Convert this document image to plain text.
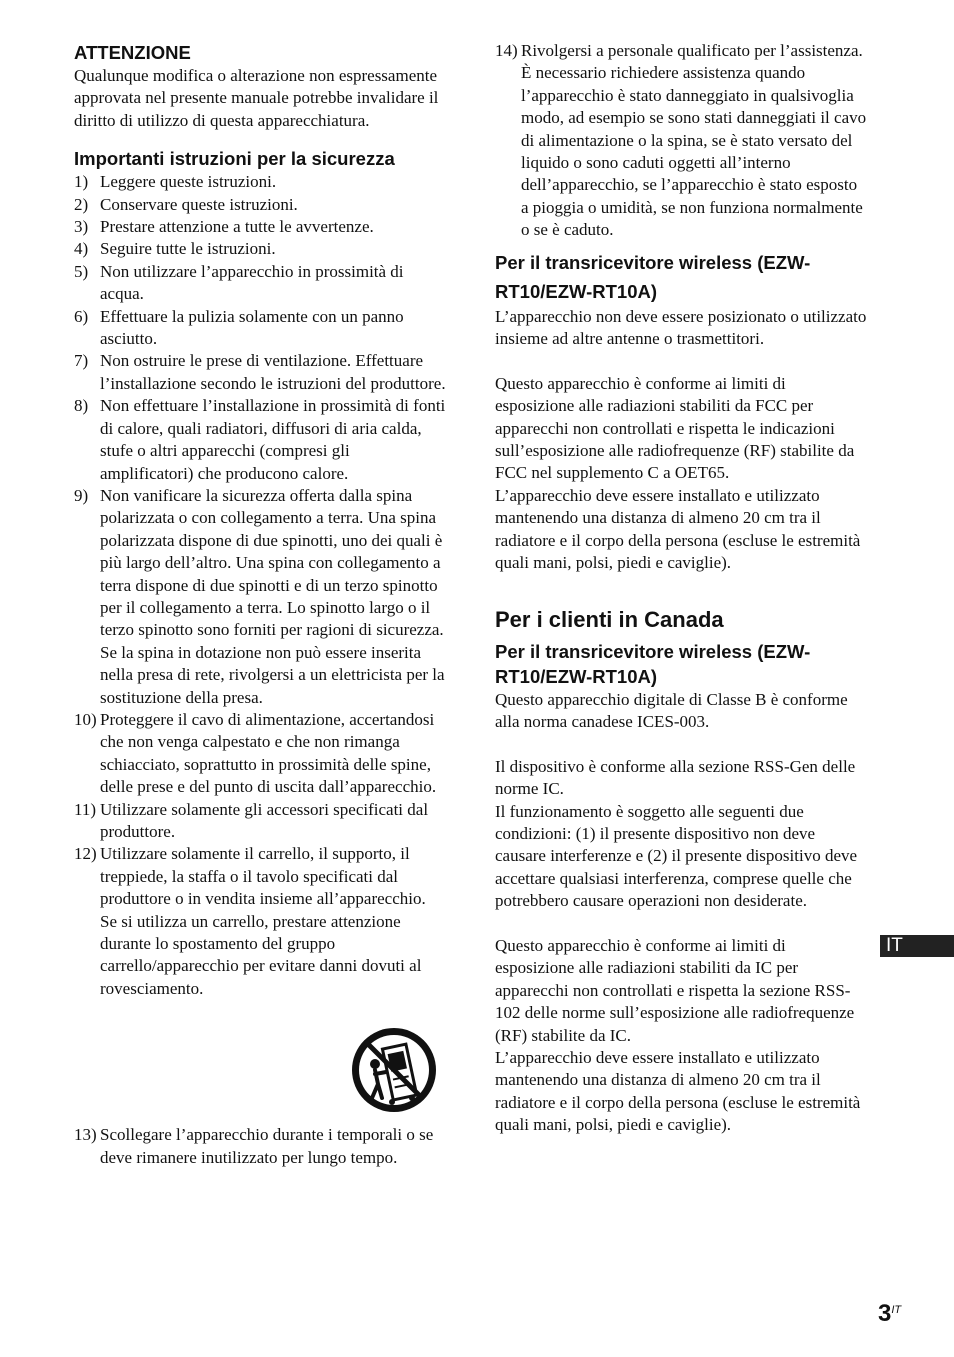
ATTENZIONE

Qualunque modifica o alterazione non espressamente approvata nel presente manuale potrebbe invalidare il diritto di utilizzo di questa apparecchiatura.

Importanti istruzioni per la sicurezza
1) Leggere queste istruzioni.
2) Conservare queste istruzioni.
3) Prestare attenzione a tutte le avvertenze.
4) Seguire tutte le istruzioni.
5) Non utilizzare l’apparecchio in prossimità di acqua.
6) Effettuare la pulizia solamente con un panno asciutto.
7) Non ostruire le prese di ventilazione. Effettuare l’installazione secondo le istruzioni del produttore.
8) Non effettuare l’installazione in prossimità di fonti di calore, quali radiatori, diffusori di aria calda, stufe o altri apparecchi (compresi gli amplificatori) che producono calore.
9) Non vanificare la sicurezza offerta dalla spina polarizzata o con collegamento a terra. Una spina polarizzata dispone di due spinotti, uno dei quali è più largo dell’altro. Una spina con collegamento a terra dispone di due spinotti e di un terzo spinotto per il collegamento a terra. Lo spinotto largo o il terzo spinotto sono forniti per ragioni di sicurezza. Se la spina in dotazione non può essere inserita nella presa di rete, rivolgersi a un elettricista per la sostituzione della presa.
10) Proteggere il cavo di alimentazione, accertandosi che non venga calpestato e che non rimanga schiacciato, soprattutto in prossimità delle spine, delle prese e del punto di uscita dall’apparecchio.
11) Utilizzare solamente gli accessori specificati dal produttore.
12) Utilizzare solamente il carrello, il supporto, il treppiede, la staffa o il tavolo specificati dal produttore o in vendita insieme all’apparecchio. Se si utilizza un carrello, prestare attenzione durante lo spostamento del gruppo carrello/apparecchio per evitare danni dovuti al rovesciamento.
13) Scollegare l’apparecchio durante i temporali o se deve rimanere inutilizzato per lungo tempo.
14) Rivolgersi a personale qualificato per l’assistenza. È necessario richiedere assistenza quando l’apparecchio è stato danneggiato in qualsivoglia modo, ad esempio se sono stati danneggiati il cavo di alimentazione o la spina, se è stato versato del liquido o sono caduti oggetti all’interno dell’apparecchio, se l’apparecchio è stato esposto a pioggia o umidità, se non funziona normalmente o se è caduto.
Per il transricevitore wireless (EZW-RT10/EZW-RT10A)

L’apparecchio non deve essere posizionato o utilizzato insieme ad altre antenne o trasmettitori.

Questo apparecchio è conforme ai limiti di esposizione alle radiazioni stabiliti da FCC per apparecchi non controllati e rispetta le indicazioni sull’esposizione alle radiofrequenze (RF) stabilite da FCC nel supplemento C a OET65.

L’apparecchio deve essere installato e utilizzato mantenendo una distanza di almeno 20 cm tra il radiatore e il corpo della persona (escluse le estremità quali mani, polsi, piedi e caviglie).

Per i clienti in Canada
Per il transricevitore wireless (EZW-RT10/EZW-RT10A)

Questo apparecchio digitale di Classe B è conforme alla norma canadese ICES-003.

Il dispositivo è conforme alla sezione RSS-Gen delle norme IC.

Il funzionamento è soggetto alle seguenti due condizioni: (1) il presente dispositivo non deve causare interferenze e (2) il presente dispositivo deve accettare qualsiasi interferenza, comprese quelle che potrebbero causare operazioni non desiderate.

Questo apparecchio è conforme ai limiti di esposizione alle radiazioni stabiliti da IC per apparecchi non controllati e rispetta la sezione RSS-102 delle norme sull’esposizione alle radiofrequenze (RF) stabilite da IC.

L’apparecchio deve essere installato e utilizzato mantenendo una distanza di almeno 20 cm tra il radiatore e il corpo della persona (escluse le estremità quali mani, polsi, piedi e caviglie).

IT
$3^{IT}$
